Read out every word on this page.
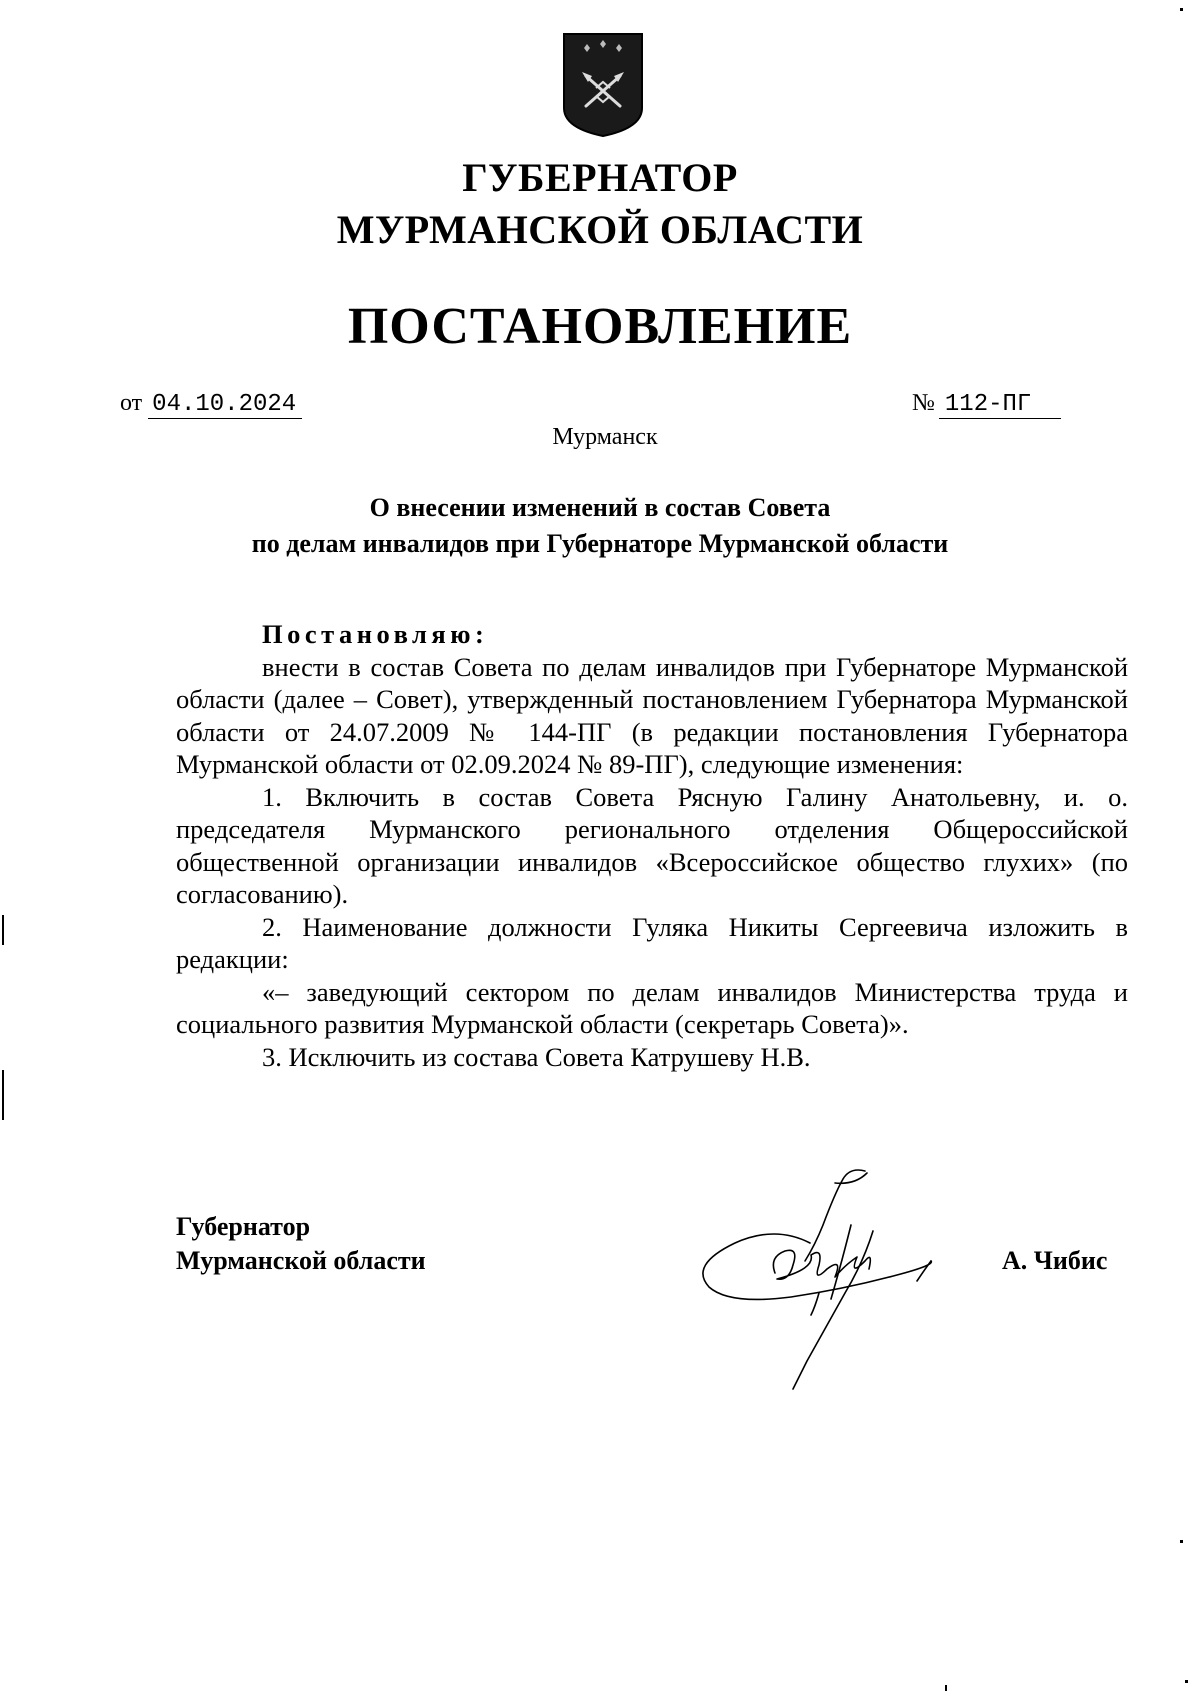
ГУБЕРНАТОР
МУРМАНСКОЙ ОБЛАСТИ
ПОСТАНОВЛЕНИЕ
от 04.10.2024	№ 112-ПГ
Мурманск
О внесении изменений в состав Совета
по делам инвалидов при Губернаторе Мурманской области

Постановляю:

внести в состав Совета по делам инвалидов при Губернаторе Мурманской области (далее – Совет), утвержденный постановлением Губернатора Мурманской области от 24.07.2009 № 144-ПГ (в редакции постановления Губернатора Мурманской области от 02.09.2024 № 89-ПГ), следующие изменения:

1. Включить в состав Совета Рясную Галину Анатольевну, и. о. председателя Мурманского регионального отделения Общероссийской общественной организации инвалидов «Всероссийское общество глухих» (по согласованию).

2. Наименование должности Гуляка Никиты Сергеевича изложить в редакции:

«– заведующий сектором по делам инвалидов Министерства труда и социального развития Мурманской области (секретарь Совета)».

3. Исключить из состава Совета Катрушеву Н.В.

Губернатор
Мурманской области	А. Чибис
